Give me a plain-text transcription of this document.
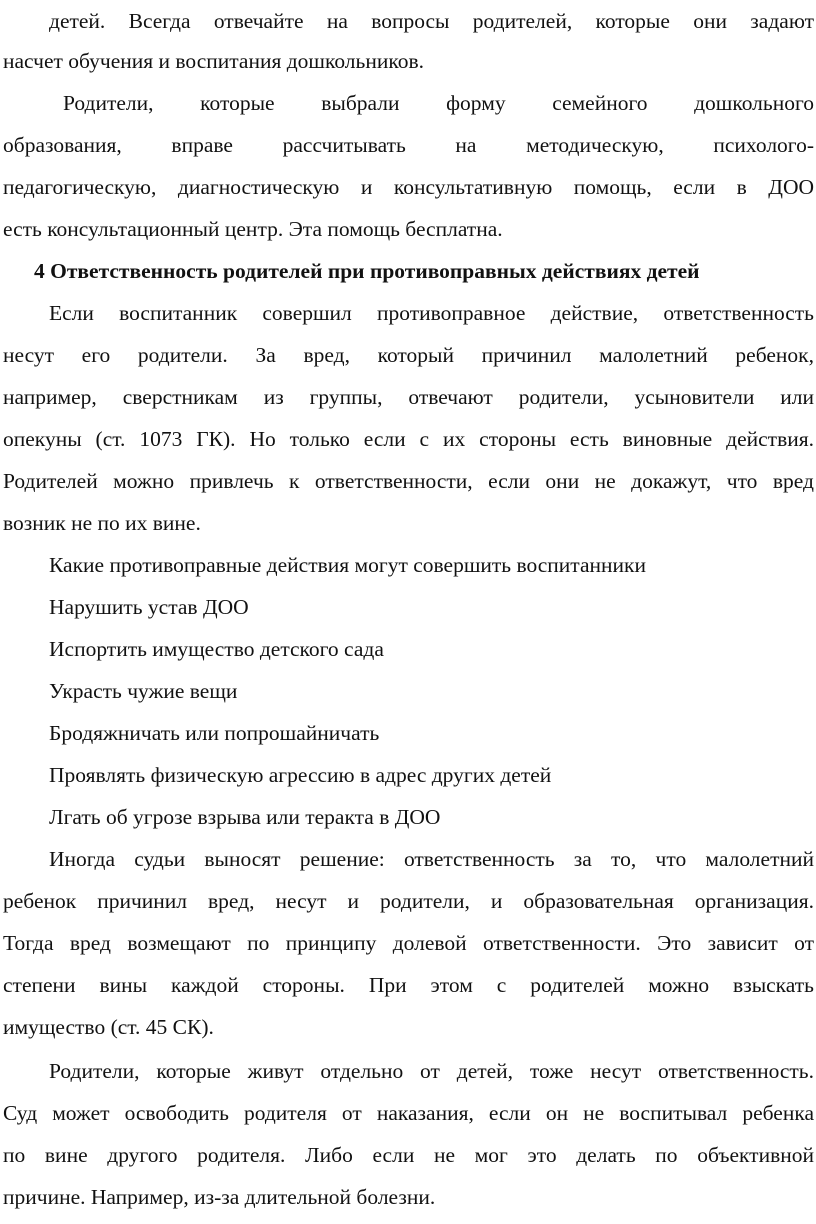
детей. Всегда отвечайте на вопросы родителей, которые они задают
насчет обучения и воспитания дошкольников.
Родители, которые выбрали форму семейного дошкольного
образования, вправе рассчитывать на методическую, психолого-
педагогическую, диагностическую и консультативную помощь, если в ДОО
есть консультационный центр. Эта помощь бесплатна.
4 Ответственность родителей при противоправных действиях детей
Если воспитанник совершил противоправное действие, ответственность
несут его родители. За вред, который причинил малолетний ребенок,
например, сверстникам из группы, отвечают родители, усыновители или
опекуны (ст. 1073 ГК). Но только если с их стороны есть виновные действия.
Родителей можно привлечь к ответственности, если они не докажут, что вред
возник не по их вине.
Какие противоправные действия могут совершить воспитанники
Нарушить устав ДОО
Испортить имущество детского сада
Украсть чужие вещи
Бродяжничать или попрошайничать
Проявлять физическую агрессию в адрес других детей
Лгать об угрозе взрыва или теракта в ДОО
Иногда судьи выносят решение: ответственность за то, что малолетний
ребенок причинил вред, несут и родители, и образовательная организация.
Тогда вред возмещают по принципу долевой ответственности. Это зависит от
степени вины каждой стороны. При этом с родителей можно взыскать
имущество (ст. 45 СК).
Родители, которые живут отдельно от детей, тоже несут ответственность.
Суд может освободить родителя от наказания, если он не воспитывал ребенка
по вине другого родителя. Либо если не мог это делать по объективной
причине. Например, из-за длительной болезни.
